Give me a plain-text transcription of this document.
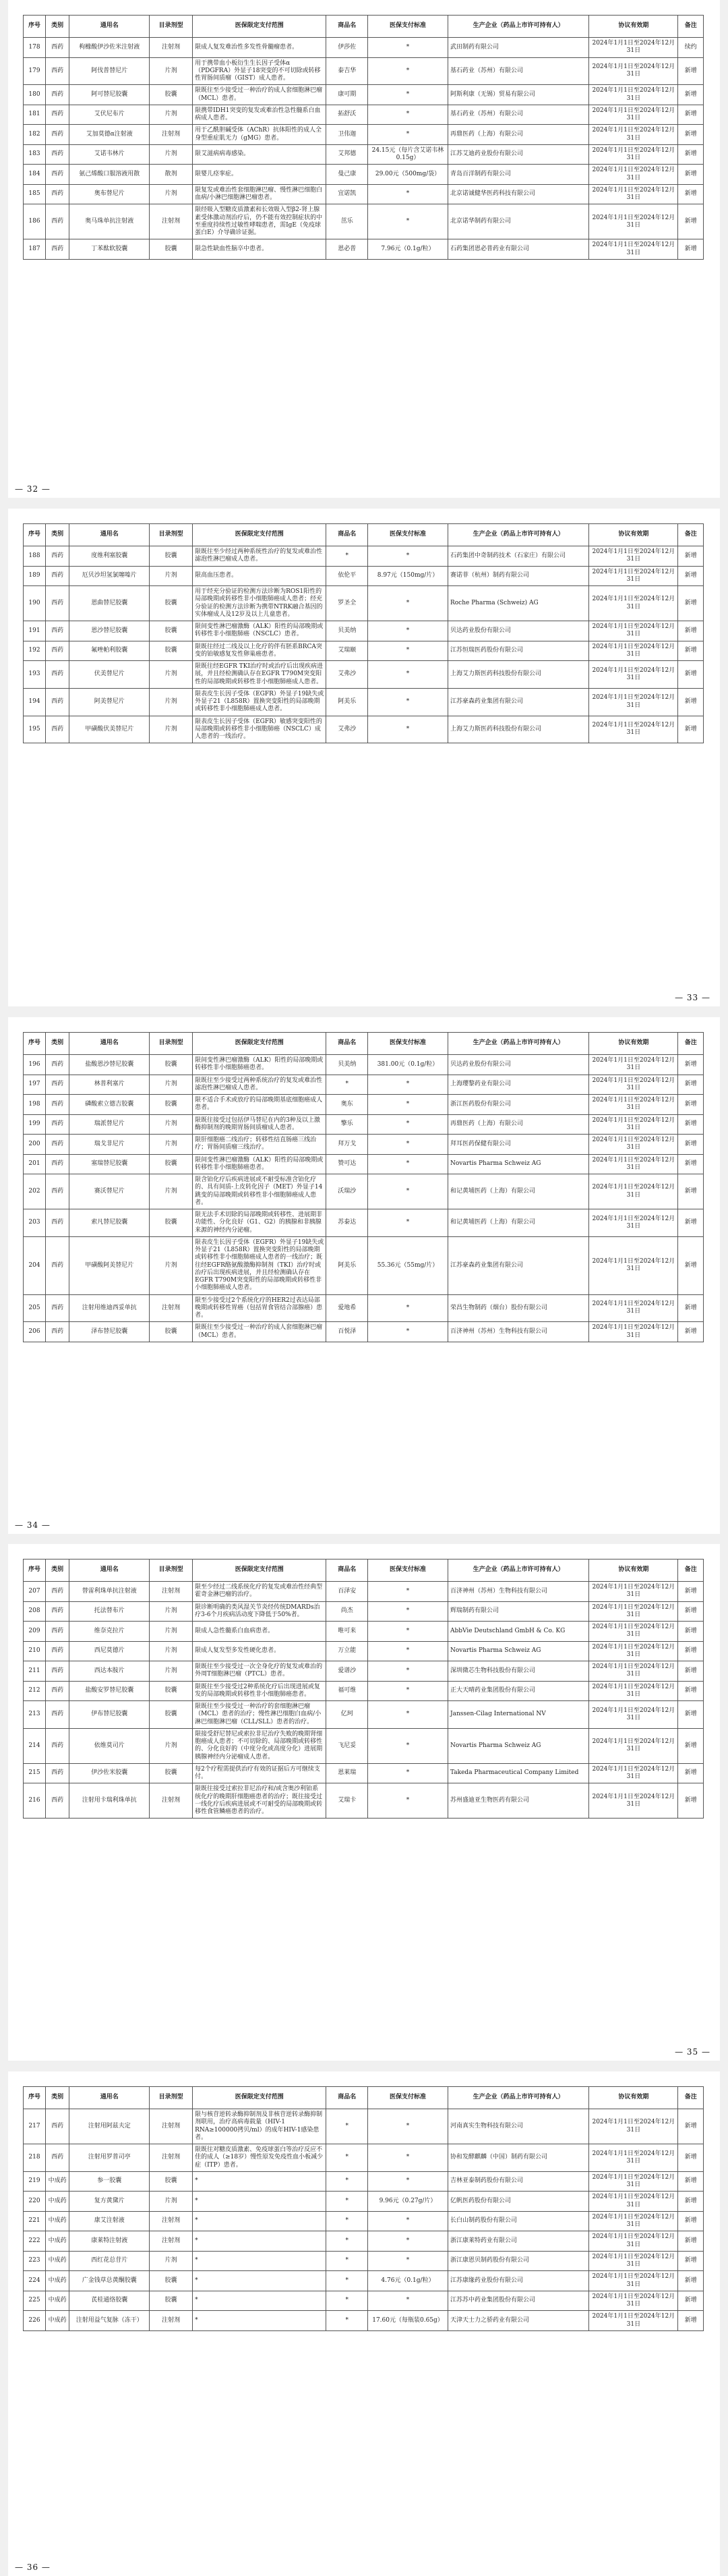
序号	类别	通用名	目录剂型	医保限定支付范围	商品名	医保支付标准	生产企业（药品上市许可持有人）	协议有效期	备注
178	西药	枸橼酸伊沙佐米注射液	注射剂	限成人复发难治性多发性骨髓瘤患者。	伊莎佐	*	武田制药有限公司	2024年1月1日至2024年12月31日	续约
179	西药	阿伐普替尼片	片剂	用于携带血小板衍生生长因子受体α（PDGFRA）外显子18突变的不可切除或转移性胃肠间质瘤（GIST）成人患者。	泰吉华	*	基石药业（苏州）有限公司	2024年1月1日至2024年12月31日	新增
180	西药	阿可替尼胶囊	胶囊	限既往至少接受过一种治疗的成人套细胞淋巴瘤（MCL）患者。	康可期	*	阿斯利康（无锡）贸易有限公司	2024年1月1日至2024年12月31日	新增
181	西药	艾伏尼布片	片剂	限携带IDH1突变的复发或难治性急性髓系白血病成人患者。	拓舒沃	*	基石药业（苏州）有限公司	2024年1月1日至2024年12月31日	新增
182	西药	艾加莫德α注射液	注射剂	用于乙酰胆碱受体（AChR）抗体阳性的成人全身型重症肌无力（gMG）患者。	卫伟迦	*	再鼎医药（上海）有限公司	2024年1月1日至2024年12月31日	新增
183	西药	艾诺韦林片	片剂	限艾滋病病毒感染。	艾邦德	24.15元（每片含艾诺韦林0.15g）	江苏艾迪药业股份有限公司	2024年1月1日至2024年12月31日	新增
184	西药	氨己烯酸口服溶液用散	散剂	限婴儿痉挛症。	曼己康	29.00元（500mg/袋）	青岛百洋制药有限公司	2024年1月1日至2024年12月31日	新增
185	西药	奥布替尼片	片剂	限复发或难治性套细胞淋巴瘤、慢性淋巴细胞白血病/小淋巴细胞淋巴瘤患者。	宜诺凯	*	北京诺诚健华医药科技有限公司	2024年1月1日至2024年12月31日	新增
186	西药	奥马珠单抗注射液	注射剂	限经吸入型糖皮质激素和长效吸入型β2-肾上腺素受体激动剂治疗后，仍不能有效控制症状的中至重度持续性过敏性哮喘患者，需IgE（免疫球蛋白E）介导确诊证据。	茁乐	*	北京诺华制药有限公司	2024年1月1日至2024年12月31日	新增
187	西药	丁苯酞软胶囊	胶囊	限急性缺血性脑卒中患者。	恩必普	7.96元（0.1g/粒）	石药集团恩必普药业有限公司	2024年1月1日至2024年12月31日	新增
— 32 —
序号	类别	通用名	目录剂型	医保限定支付范围	商品名	医保支付标准	生产企业（药品上市许可持有人）	协议有效期	备注
188	西药	度维利塞胶囊	胶囊	限既往至少经过两种系统性治疗的复发或难治性滤泡性淋巴瘤成人患者。	*	*	石药集团中奇制药技术（石家庄）有限公司	2024年1月1日至2024年12月31日	新增
189	西药	厄贝沙坦氢氯噻嗪片	片剂	限高血压患者。	依伦平	8.97元（150mg/片）	赛诺菲（杭州）制药有限公司	2024年1月1日至2024年12月31日	新增
190	西药	恩曲替尼胶囊	胶囊	用于经充分验证的检测方法诊断为ROS1阳性的局部晚期或转移性非小细胞肺癌成人患者；经充分验证的检测方法诊断为携带NTRK融合基因的实体瘤成人及12岁及以上儿童患者。	罗圣全	*	Roche Pharma (Schweiz) AG	2024年1月1日至2024年12月31日	新增
191	西药	恩沙替尼胶囊	胶囊	限间变性淋巴瘤激酶（ALK）阳性的局部晚期或转移性非小细胞肺癌（NSCLC）患者。	贝美纳	*	贝达药业股份有限公司	2024年1月1日至2024年12月31日	新增
192	西药	氟唑帕利胶囊	胶囊	限既往经过二线及以上化疗的伴有胚系BRCA突变的铂敏感复发性卵巢癌患者。	艾瑞颐	*	江苏恒瑞医药股份有限公司	2024年1月1日至2024年12月31日	新增
193	西药	伏美替尼片	片剂	限既往经EGFR TKI治疗时或治疗后出现疾病进展，并且经检测确认存在EGFR T790M突变阳性的局部晚期或转移性非小细胞肺癌成人患者。	艾弗沙	*	上海艾力斯医药科技股份有限公司	2024年1月1日至2024年12月31日	新增
194	西药	阿美替尼片	片剂	限表皮生长因子受体（EGFR）外显子19缺失或外显子21（L858R）置换突变阳性的局部晚期或转移性非小细胞肺癌成人患者。	阿美乐	*	江苏豪森药业集团有限公司	2024年1月1日至2024年12月31日	新增
195	西药	甲磺酸伏美替尼片	片剂	限表皮生长因子受体（EGFR）敏感突变阳性的局部晚期或转移性非小细胞肺癌（NSCLC）成人患者的一线治疗。	艾弗沙	*	上海艾力斯医药科技股份有限公司	2024年1月1日至2024年12月31日	新增
— 33 —
序号	类别	通用名	目录剂型	医保限定支付范围	商品名	医保支付标准	生产企业（药品上市许可持有人）	协议有效期	备注
196	西药	盐酸恩沙替尼胶囊	胶囊	限间变性淋巴瘤激酶（ALK）阳性的局部晚期或转移性非小细胞肺癌患者。	贝美纳	381.00元（0.1g/粒）	贝达药业股份有限公司	2024年1月1日至2024年12月31日	新增
197	西药	林普利塞片	片剂	限既往至少接受过两种系统治疗的复发或难治性滤泡性淋巴瘤成人患者。	*	*	上海璎黎药业有限公司	2024年1月1日至2024年12月31日	新增
198	西药	磷酸索立德吉胶囊	胶囊	限不适合手术或放疗的局部晚期基底细胞癌成人患者。	奥东	*	浙江医药股份有限公司	2024年1月1日至2024年12月31日	新增
199	西药	瑞派替尼片	片剂	限既往接受过包括伊马替尼在内的3种及以上激酶抑制剂的晚期胃肠间质瘤成人患者。	擎乐	*	再鼎医药（上海）有限公司	2024年1月1日至2024年12月31日	新增
200	西药	瑞戈非尼片	片剂	限肝细胞癌二线治疗；转移性结直肠癌三线治疗；胃肠间质瘤三线治疗。	拜万戈	*	拜耳医药保健有限公司	2024年1月1日至2024年12月31日	新增
201	西药	塞瑞替尼胶囊	胶囊	限间变性淋巴瘤激酶（ALK）阳性的局部晚期或转移性非小细胞肺癌患者。	赞可达	*	Novartis Pharma Schweiz AG	2024年1月1日至2024年12月31日	新增
202	西药	赛沃替尼片	片剂	限含铂化疗后疾病进展或不耐受标准含铂化疗的、具有间质-上皮转化因子（MET）外显子14跳变的局部晚期或转移性非小细胞肺癌成人患者。	沃瑞沙	*	和记黄埔医药（上海）有限公司	2024年1月1日至2024年12月31日	新增
203	西药	索凡替尼胶囊	胶囊	限无法手术切除的局部晚期或转移性、进展期非功能性、分化良好（G1、G2）的胰腺和非胰腺来源的神经内分泌瘤。	苏泰达	*	和记黄埔医药（上海）有限公司	2024年1月1日至2024年12月31日	新增
204	西药	甲磺酸阿美替尼片	片剂	限表皮生长因子受体（EGFR）外显子19缺失或外显子21（L858R）置换突变阳性的局部晚期或转移性非小细胞肺癌成人患者的一线治疗；既往经EGFR酪氨酸激酶抑制剂（TKI）治疗时或治疗后出现疾病进展，并且经检测确认存在EGFR T790M突变阳性的局部晚期或转移性非小细胞肺癌成人患者。	阿美乐	55.36元（55mg/片）	江苏豪森药业集团有限公司	2024年1月1日至2024年12月31日	新增
205	西药	注射用维迪西妥单抗	注射剂	限至少接受过2个系统化疗的HER2过表达局部晚期或转移性胃癌（包括胃食管结合部腺癌）患者。	爱地希	*	荣昌生物制药（烟台）股份有限公司	2024年1月1日至2024年12月31日	新增
206	西药	泽布替尼胶囊	胶囊	限既往至少接受过一种治疗的成人套细胞淋巴瘤（MCL）患者。	百悦泽	*	百济神州（苏州）生物科技有限公司	2024年1月1日至2024年12月31日	新增
— 34 —
序号	类别	通用名	目录剂型	医保限定支付范围	商品名	医保支付标准	生产企业（药品上市许可持有人）	协议有效期	备注
207	西药	替雷利珠单抗注射液	注射剂	限至少经过二线系统化疗的复发或难治性经典型霍奇金淋巴瘤的治疗。	百泽安	*	百济神州（苏州）生物科技有限公司	2024年1月1日至2024年12月31日	新增
208	西药	托法替布片	片剂	限诊断明确的类风湿关节炎经传统DMARDs治疗3-6个月疾病活动度下降低于50%者。	尚杰	*	辉瑞制药有限公司	2024年1月1日至2024年12月31日	新增
209	西药	维奈克拉片	片剂	限成人急性髓系白血病患者。	唯可来	*	AbbVie Deutschland GmbH & Co. KG	2024年1月1日至2024年12月31日	新增
210	西药	西尼莫德片	片剂	限成人复发型多发性硬化患者。	万立能	*	Novartis Pharma Schweiz AG	2024年1月1日至2024年12月31日	新增
211	西药	西达本胺片	片剂	限既往至少接受过一次全身化疗的复发或难治的外周T细胞淋巴瘤（PTCL）患者。	爱谱沙	*	深圳微芯生物科技股份有限公司	2024年1月1日至2024年12月31日	新增
212	西药	盐酸安罗替尼胶囊	胶囊	限既往至少接受过2种系统化疗后出现进展或复发的局部晚期或转移性非小细胞肺癌患者。	福可维	*	正大天晴药业集团股份有限公司	2024年1月1日至2024年12月31日	新增
213	西药	伊布替尼胶囊	胶囊	限既往至少接受过一种治疗的套细胞淋巴瘤（MCL）患者的治疗；慢性淋巴细胞白血病/小淋巴细胞淋巴瘤（CLL/SLL）患者的治疗。	亿珂	*	Janssen-Cilag International NV	2024年1月1日至2024年12月31日	新增
214	西药	依维莫司片	片剂	限接受舒尼替尼或索拉非尼治疗失败的晚期肾细胞癌成人患者；不可切除的、局部晚期或转移性的、分化良好的（中度分化或高度分化）进展期胰腺神经内分泌瘤成人患者。	飞尼妥	*	Novartis Pharma Schweiz AG	2024年1月1日至2024年12月31日	新增
215	西药	伊沙佐米胶囊	胶囊	每2个疗程需提供治疗有效的证据后方可继续支付。	恩莱瑞	*	Takeda Pharmaceutical Company Limited	2024年1月1日至2024年12月31日	新增
216	西药	注射用卡瑞利珠单抗	注射剂	限既往接受过索拉非尼治疗和/或含奥沙利铂系统化疗的晚期肝细胞癌患者的治疗；既往接受过一线化疗后疾病进展或不可耐受的局部晚期或转移性食管鳞癌患者的治疗。	艾瑞卡	*	苏州盛迪亚生物医药有限公司	2024年1月1日至2024年12月31日	新增
— 35 —
序号	类别	通用名	目录剂型	医保限定支付范围	商品名	医保支付标准	生产企业（药品上市许可持有人）	协议有效期	备注
217	西药	注射用阿兹夫定	注射剂	限与核苷逆转录酶抑制剂及非核苷逆转录酶抑制剂联用，治疗高病毒载量（HIV-1 RNA≥100000拷贝/ml）的成年HIV-1感染患者。	*	*	河南真实生物科技有限公司	2024年1月1日至2024年12月31日	新增
218	西药	注射用罗普司亭	注射剂	限既往对糖皮质激素、免疫球蛋白等治疗反应不佳的成人（≥18岁）慢性原发免疫性血小板减少症（ITP）患者。	*	*	协和发酵麒麟（中国）制药有限公司	2024年1月1日至2024年12月31日	新增
219	中成药	参一胶囊	胶囊	*	*	*	吉林亚泰制药股份有限公司	2024年1月1日至2024年12月31日	新增
220	中成药	复方黄黛片	片剂	*	*	9.96元（0.27g/片）	亿帆医药股份有限公司	2024年1月1日至2024年12月31日	新增
221	中成药	康艾注射液	注射剂	*	*	*	长白山制药股份有限公司	2024年1月1日至2024年12月31日	新增
222	中成药	康莱特注射液	注射剂	*	*	*	浙江康莱特药业有限公司	2024年1月1日至2024年12月31日	新增
223	中成药	西红花总苷片	片剂	*	*	*	浙江康恩贝制药股份有限公司	2024年1月1日至2024年12月31日	新增
224	中成药	广金钱草总黄酮胶囊	胶囊	*	*	4.76元（0.1g/粒）	江苏康缘药业股份有限公司	2024年1月1日至2024年12月31日	新增
225	中成药	芪桂通络胶囊	胶囊	*	*	*	江苏苏中药业集团股份有限公司	2024年1月1日至2024年12月31日	新增
226	中成药	注射用益气复脉（冻干）	注射剂	*	*	17.60元（每瓶装0.65g）	天津天士力之骄药业有限公司	2024年1月1日至2024年12月31日	新增
— 36 —
